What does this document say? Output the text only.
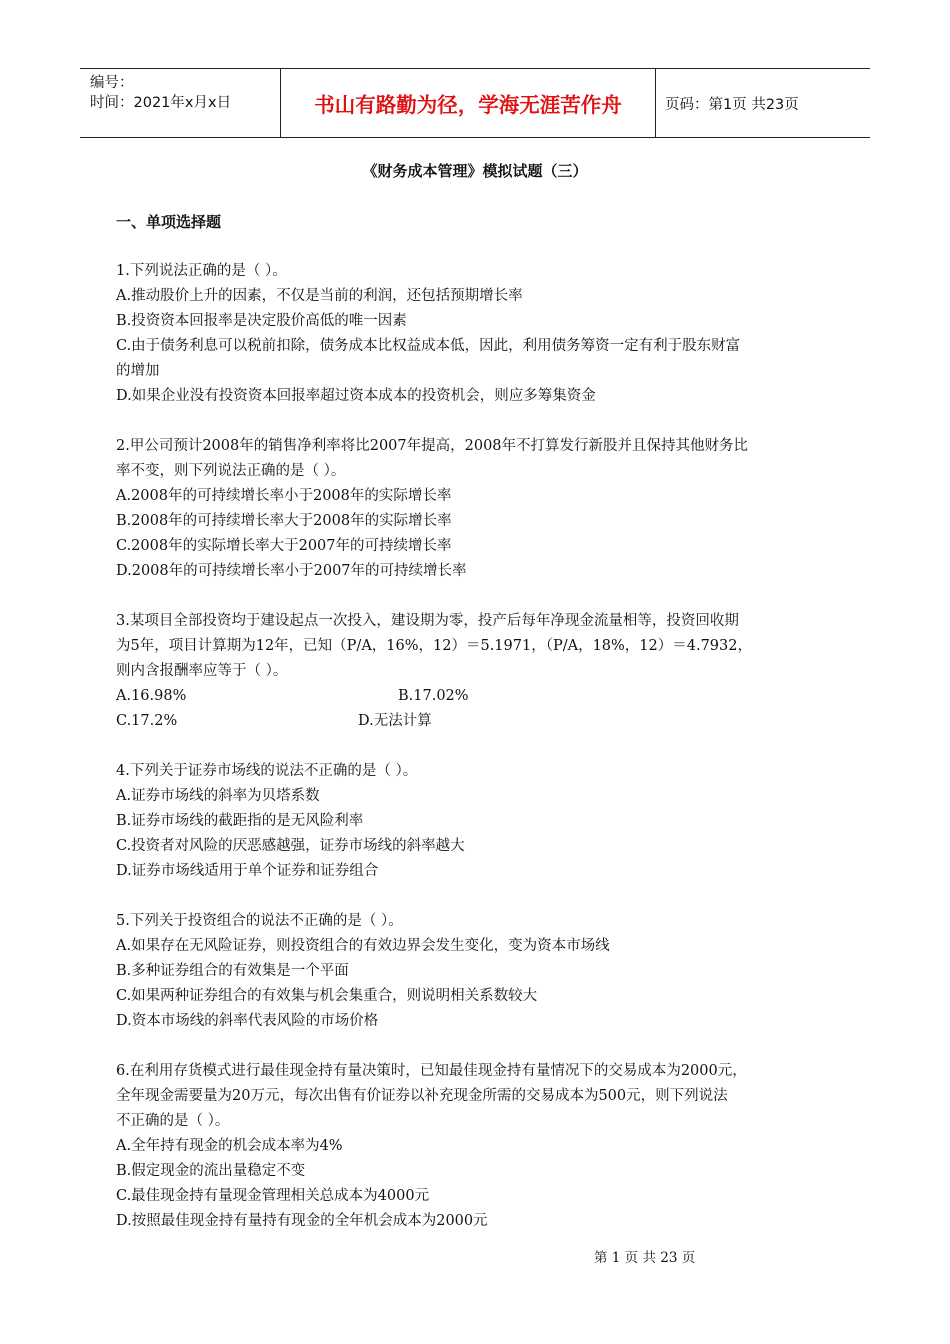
编号：
时间：2021年x月x日	书山有路勤为径，学海无涯苦作舟	页码：第1页 共23页
《财务成本管理》模拟试题（三）
一、单项选择题

1.下列说法正确的是（ ）。

A.推动股价上升的因素，不仅是当前的利润，还包括预期增长率

B.投资资本回报率是决定股价高低的唯一因素

C.由于债务利息可以税前扣除，债务成本比权益成本低，因此，利用债务筹资一定有利于股东财富

的增加

D.如果企业没有投资资本回报率超过资本成本的投资机会，则应多筹集资金

2.甲公司预计2008年的销售净利率将比2007年提高，2008年不打算发行新股并且保持其他财务比

率不变，则下列说法正确的是（ ）。

A.2008年的可持续增长率小于2008年的实际增长率

B.2008年的可持续增长率大于2008年的实际增长率

C.2008年的实际增长率大于2007年的可持续增长率

D.2008年的可持续增长率小于2007年的可持续增长率

3.某项目全部投资均于建设起点一次投入，建设期为零，投产后每年净现金流量相等，投资回收期

为5年，项目计算期为12年，已知（P/A，16%，12）＝5.1971，（P/A，18%，12）＝4.7932，

则内含报酬率应等于（ ）。

A.16.98%	B.17.02%
C.17.2%	D.无法计算

4.下列关于证券市场线的说法不正确的是（ ）。

A.证券市场线的斜率为贝塔系数

B.证券市场线的截距指的是无风险利率

C.投资者对风险的厌恶感越强，证券市场线的斜率越大

D.证券市场线适用于单个证券和证券组合

5.下列关于投资组合的说法不正确的是（ ）。

A.如果存在无风险证券，则投资组合的有效边界会发生变化，变为资本市场线

B.多种证券组合的有效集是一个平面

C.如果两种证券组合的有效集与机会集重合，则说明相关系数较大

D.资本市场线的斜率代表风险的市场价格

6.在利用存货模式进行最佳现金持有量决策时，已知最佳现金持有量情况下的交易成本为2000元，

全年现金需要量为20万元，每次出售有价证券以补充现金所需的交易成本为500元，则下列说法

不正确的是（ ）。

A.全年持有现金的机会成本率为4%

B.假定现金的流出量稳定不变

C.最佳现金持有量现金管理相关总成本为4000元

D.按照最佳现金持有量持有现金的全年机会成本为2000元

第 1 页 共 23 页
